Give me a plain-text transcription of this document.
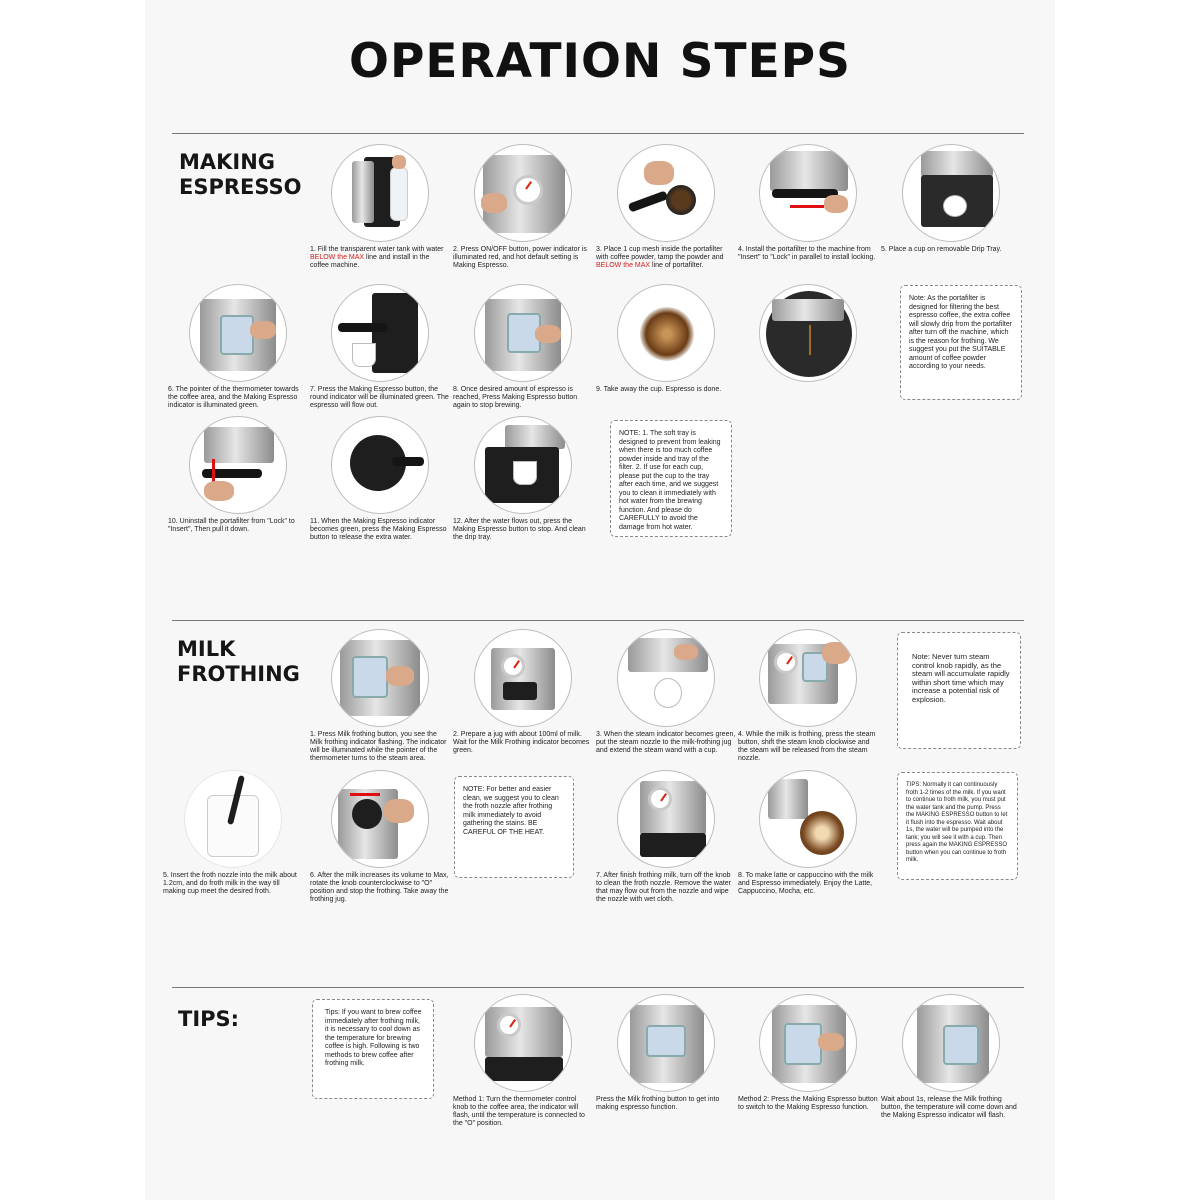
OPERATION STEPS
MAKING
ESPRESSO
1. Fill the transparent water tank with water BELOW the MAX line and install in the coffee machine.
2. Press ON/OFF button, power indicator is illuminated red, and hot default setting is Making Espresso.
3. Place 1 cup mesh inside the portafilter with coffee powder, tamp the powder and BELOW the MAX line of portafilter.
4. Install the portafilter to the machine from "Insert" to "Lock" in parallel to install locking.
5. Place a cup on removable Drip Tray.
6. The pointer of the thermometer towards the coffee area, and the Making Espresso indicator is illuminated green.
7. Press the Making Espresso button, the round indicator will be illuminated green. The espresso will flow out.
8. Once desired amount of espresso is reached, Press Making Espresso button again to stop brewing.
9. Take away the cup. Espresso is done.
Note: As the portafilter is designed for filtering the best espresso coffee, the extra coffee will slowly drip from the portafilter after turn off the machine, which is the reason for frothing. We suggest you put the SUITABLE amount of coffee powder according to your needs.
10. Uninstall the portafilter from "Lock" to "Insert", Then pull it down.
11. When the Making Espresso indicator becomes green, press the Making Espresso button to release the extra water.
12. After the water flows out, press the Making Espresso button to stop. And clean the drip tray.
NOTE: 1. The soft tray is designed to prevent from leaking when there is too much coffee powder inside and tray of the filter. 2. If use for each cup, please put the cup to the tray after each time, and we suggest you to clean it immediately with hot water from the brewing function. And please do CAREFULLY to avoid the damage from hot water.
MILK
FROTHING
1. Press Milk frothing button, you see the Milk frothing indicator flashing. The indicator will be illuminated while the pointer of the thermometer turns to the steam area.
2. Prepare a jug with about 100ml of milk. Wait for the Milk Frothing indicator becomes green.
3. When the steam indicator becomes green, put the steam nozzle to the milk-frothing jug and extend the steam wand with a cup.
4. While the milk is frothing, press the steam button, shift the steam knob clockwise and the steam will be released from the steam nozzle.
Note: Never turn steam control knob rapidly, as the steam will accumulate rapidly within short time which may increase a potential risk of explosion.
5. Insert the froth nozzle into the milk about 1.2cm, and do froth milk in the way till making cup meet the desired froth.
6. After the milk increases its volume to Max, rotate the knob counterclockwise to "O" position and stop the frothing. Take away the frothing jug.
NOTE: For better and easier clean, we suggest you to clean the froth nozzle after frothing milk immediately to avoid gathering the stains. BE CAREFUL OF THE HEAT.
7. After finish frothing milk, turn off the knob to clean the froth nozzle. Remove the water that may flow out from the nozzle and wipe the nozzle with wet cloth.
8. To make latte or cappuccino with the milk and Espresso immediately. Enjoy the Latte, Cappuccino, Mocha, etc.
TIPS: Normally it can continuously froth 1-2 times of the milk. If you want to continue to froth milk, you must put the water tank and the pump. Press the MAKING ESPRESSO button to let it flush into the espresso. Wait about 1s, the water will be pumped into the tank; you will see it with a cup. Then press again the MAKING ESPRESSO button when you can continue to froth milk.
TIPS:	Tips: If you want to brew coffee immediately after frothing milk, it is necessary to cool down as the temperature for brewing coffee is high. Following is two methods to brew coffee after frothing milk.
Method 1: Turn the thermometer control knob to the coffee area, the indicator will flash, until the temperature is connected to the "O" position.
Press the Milk frothing button to get into making espresso function.
Method 2: Press the Making Espresso button to switch to the Making Espresso function.
Wait about 1s, release the Milk frothing button, the temperature will come down and the Making Espresso indicator will flash.
